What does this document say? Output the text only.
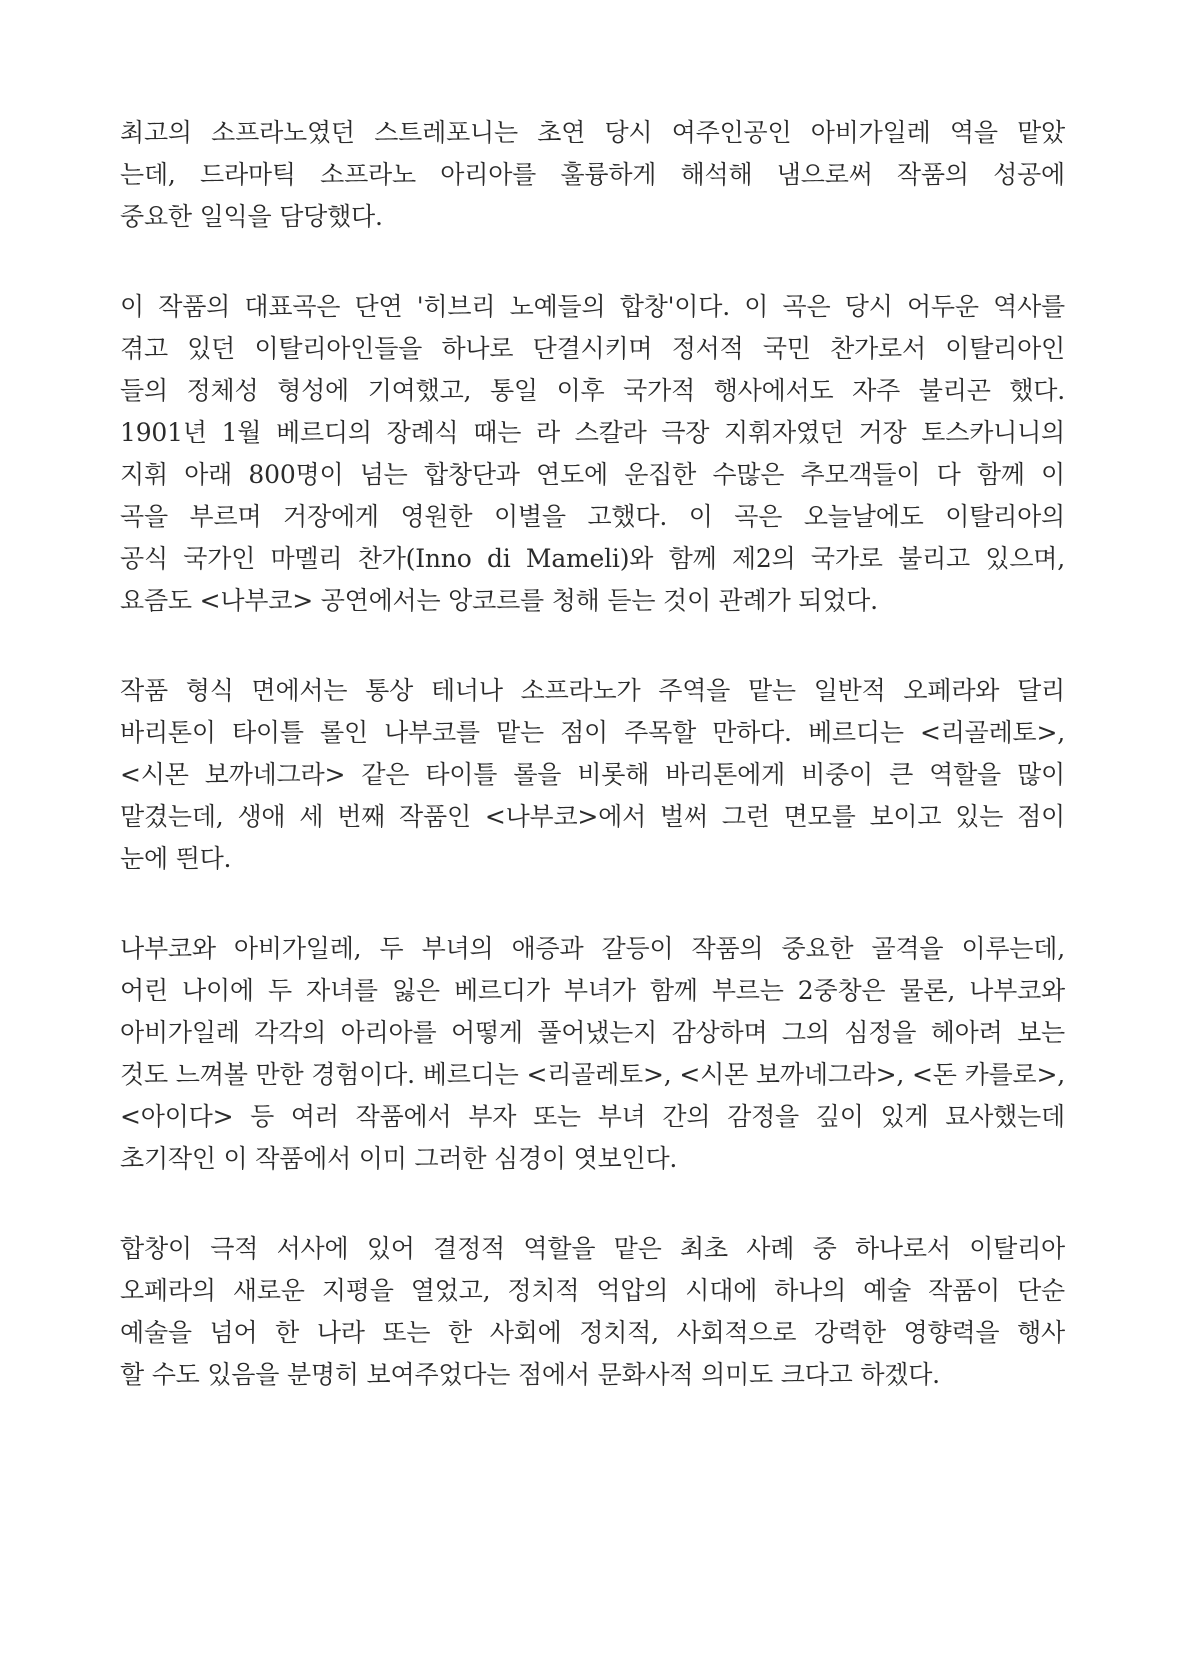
최고의 소프라노였던 스트레포니는 초연 당시 여주인공인 아비가일레 역을 맡았
는데, 드라마틱 소프라노 아리아를 훌륭하게 해석해 냄으로써 작품의 성공에
중요한 일익을 담당했다.

이 작품의 대표곡은 단연 '히브리 노예들의 합창'이다. 이 곡은 당시 어두운 역사를
겪고 있던 이탈리아인들을 하나로 단결시키며 정서적 국민 찬가로서 이탈리아인
들의 정체성 형성에 기여했고, 통일 이후 국가적 행사에서도 자주 불리곤 했다.
1901년 1월 베르디의 장례식 때는 라 스칼라 극장 지휘자였던 거장 토스카니니의
지휘 아래 800명이 넘는 합창단과 연도에 운집한 수많은 추모객들이 다 함께 이
곡을 부르며 거장에게 영원한 이별을 고했다. 이 곡은 오늘날에도 이탈리아의
공식 국가인 마멜리 찬가(Inno di Mameli)와 함께 제2의 국가로 불리고 있으며,
요즘도 <나부코> 공연에서는 앙코르를 청해 듣는 것이 관례가 되었다.

작품 형식 면에서는 통상 테너나 소프라노가 주역을 맡는 일반적 오페라와 달리
바리톤이 타이틀 롤인 나부코를 맡는 점이 주목할 만하다. 베르디는 <리골레토>,
<시몬 보까네그라> 같은 타이틀 롤을 비롯해 바리톤에게 비중이 큰 역할을 많이
맡겼는데, 생애 세 번째 작품인 <나부코>에서 벌써 그런 면모를 보이고 있는 점이
눈에 띈다.

나부코와 아비가일레, 두 부녀의 애증과 갈등이 작품의 중요한 골격을 이루는데,
어린 나이에 두 자녀를 잃은 베르디가 부녀가 함께 부르는 2중창은 물론, 나부코와
아비가일레 각각의 아리아를 어떻게 풀어냈는지 감상하며 그의 심정을 헤아려 보는
것도 느껴볼 만한 경험이다. 베르디는 <리골레토>, <시몬 보까네그라>, <돈 카를로>,
<아이다> 등 여러 작품에서 부자 또는 부녀 간의 감정을 깊이 있게 묘사했는데
초기작인 이 작품에서 이미 그러한 심경이 엿보인다.

합창이 극적 서사에 있어 결정적 역할을 맡은 최초 사례 중 하나로서 이탈리아
오페라의 새로운 지평을 열었고, 정치적 억압의 시대에 하나의 예술 작품이 단순
예술을 넘어 한 나라 또는 한 사회에 정치적, 사회적으로 강력한 영향력을 행사
할 수도 있음을 분명히 보여주었다는 점에서 문화사적 의미도 크다고 하겠다.
